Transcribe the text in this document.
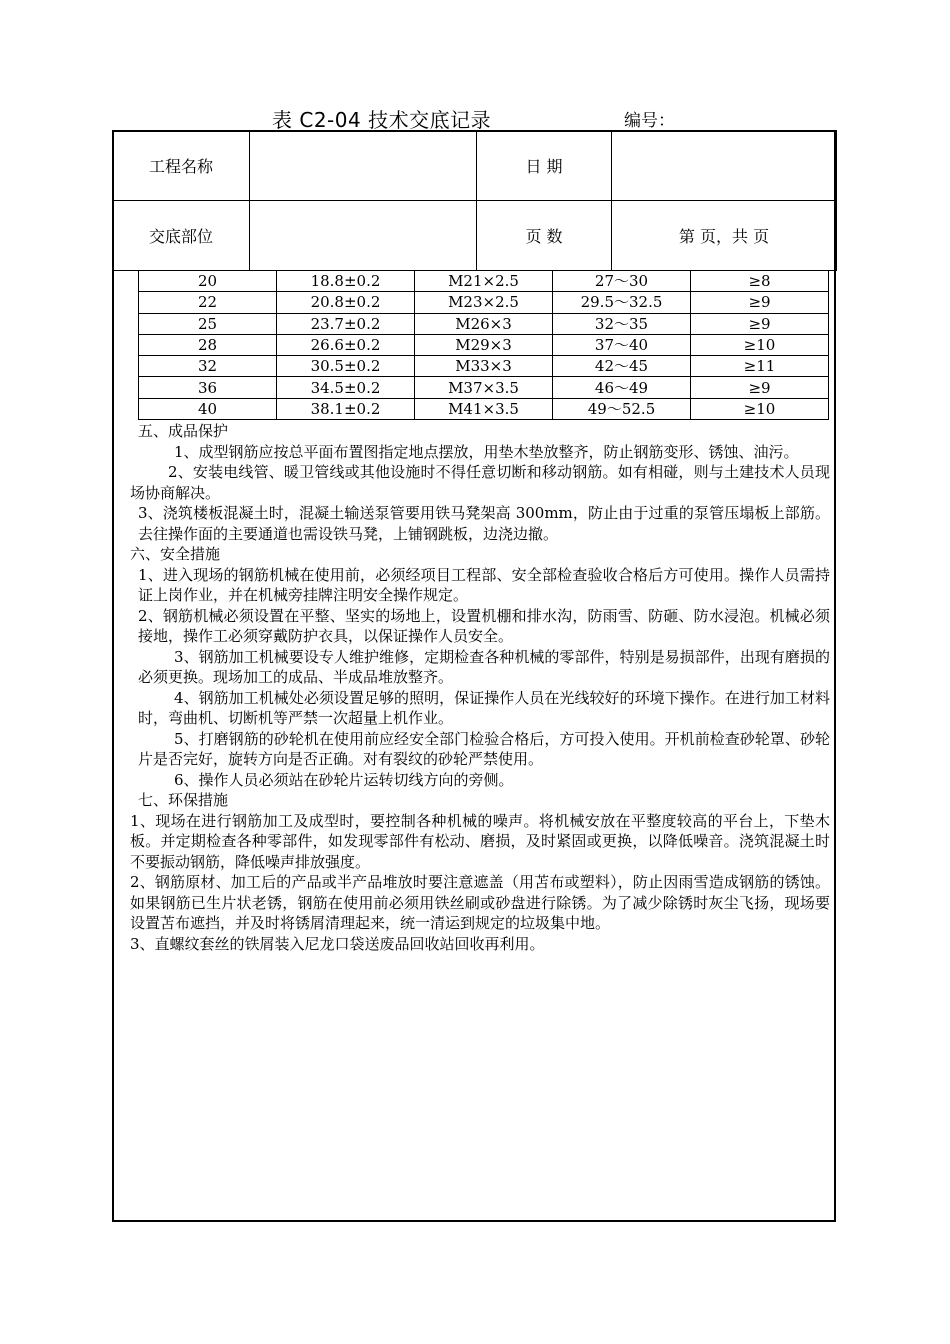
表 C2-04 技术交底记录	编号：
工程名称		日 期	
交底部位		页 数	第 页，共 页
20	18.8±0.2	M21×2.5	27～30	≥8
22	20.8±0.2	M23×2.5	29.5～32.5	≥9
25	23.7±0.2	M26×3	32～35	≥9
28	26.6±0.2	M29×3	37～40	≥10
32	30.5±0.2	M33×3	42～45	≥11
36	34.5±0.2	M37×3.5	46～49	≥9
40	38.1±0.2	M41×3.5	49～52.5	≥10

五、成品保护

1、成型钢筋应按总平面布置图指定地点摆放，用垫木垫放整齐，防止钢筋变形、锈蚀、油污。

2、安装电线管、暖卫管线或其他设施时不得任意切断和移动钢筋。如有相碰，则与土建技术人员现场协商解决。

3、浇筑楼板混凝土时，混凝土输送泵管要用铁马凳架高 300mm，防止由于过重的泵管压塌板上部筋。去往操作面的主要通道也需设铁马凳，上铺钢跳板，边浇边撤。

六、安全措施

1、进入现场的钢筋机械在使用前，必须经项目工程部、安全部检查验收合格后方可使用。操作人员需持证上岗作业，并在机械旁挂牌注明安全操作规定。

2、钢筋机械必须设置在平整、坚实的场地上，设置机棚和排水沟，防雨雪、防砸、防水浸泡。机械必须接地，操作工必须穿戴防护衣具，以保证操作人员安全。

3、钢筋加工机械要设专人维护维修，定期检查各种机械的零部件，特别是易损部件，出现有磨损的必须更换。现场加工的成品、半成品堆放整齐。

4、钢筋加工机械处必须设置足够的照明，保证操作人员在光线较好的环境下操作。在进行加工材料时，弯曲机、切断机等严禁一次超量上机作业。

5、打磨钢筋的砂轮机在使用前应经安全部门检验合格后，方可投入使用。开机前检查砂轮罩、砂轮片是否完好，旋转方向是否正确。对有裂纹的砂轮严禁使用。

6、操作人员必须站在砂轮片运转切线方向的旁侧。

七、环保措施

1、现场在进行钢筋加工及成型时，要控制各种机械的噪声。将机械安放在平整度较高的平台上，下垫木板。并定期检查各种零部件，如发现零部件有松动、磨损，及时紧固或更换，以降低噪音。浇筑混凝土时不要振动钢筋，降低噪声排放强度。

2、钢筋原材、加工后的产品或半产品堆放时要注意遮盖（用苫布或塑料），防止因雨雪造成钢筋的锈蚀。如果钢筋已生片状老锈，钢筋在使用前必须用铁丝刷或砂盘进行除锈。为了减少除锈时灰尘飞扬，现场要设置苫布遮挡，并及时将锈屑清理起来，统一清运到规定的垃圾集中地。

3、直螺纹套丝的铁屑装入尼龙口袋送废品回收站回收再利用。
